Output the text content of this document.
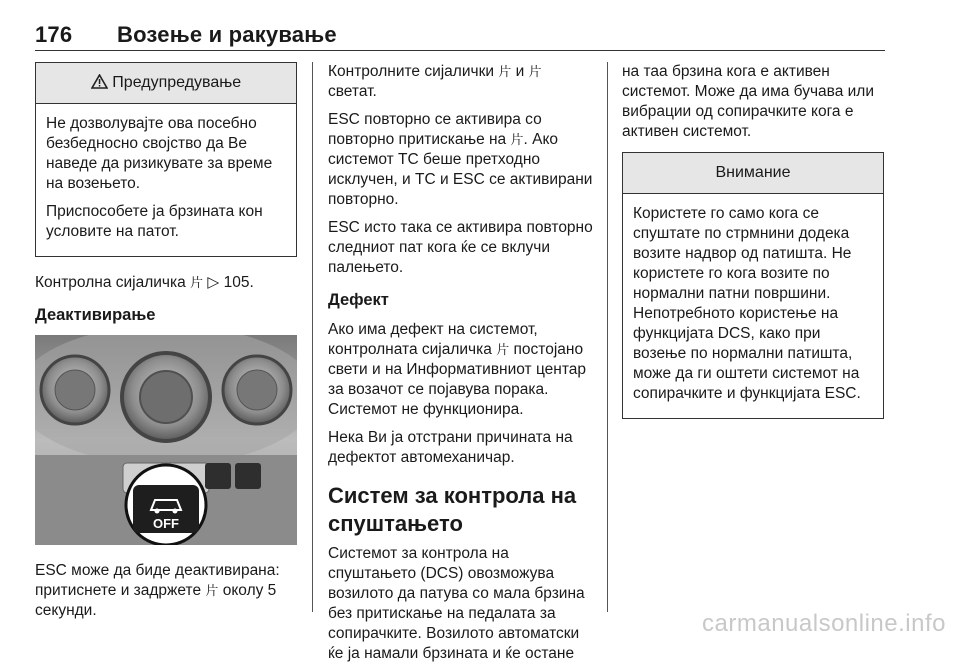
176 Возење и ракување
Предупредување

Не дозволувајте ова посебно безбедносно својство да Ве наведе да ризикувате за време на возењето.

Приспособете ја брзината кон условите на патот.

Контролна сијаличка ⽚ ▷ 105.

Деактивирање
OFF

ESC може да биде деактивирана: притиснете и задржете ⽚ околу 5 секунди.

Контролните сијалички ⽚ и ⽚ светат.

ESC повторно се активира со повторно притискање на ⽚. Ако системот TC беше претходно исклучен, и TC и ESC се активирани повторно.

ESC исто така се активира повторно следниот пат кога ќе се вклучи палењето.

Дефект

Ако има дефект на системот, контролната сијаличка ⽚ постојано свети и на Информативниот центар за возачот се појавува порака. Системот не функционира.

Нека Ви ја отстрани причината на дефектот автомеханичар.

Систем за контрола на спуштањето

Системот за контрола на спуштањето (DCS) овозможува возилото да патува со мала брзина без притискање на педалата за сопирачките. Возилото автоматски ќе ја намали брзината и ќе остане

на таа брзина кога е активен системот. Може да има бучава или вибрации од сопирачките кога е активен системот.

Внимание

Користете го само кога се спуштате по стрмнини додека возите надвор од патишта. Не користете го кога возите по нормални патни површини. Непотребното користење на функцијата DCS, како при возење по нормални патишта, може да ги оштети системот на сопирачките и функцијата ESC.

carmanualsonline.info
